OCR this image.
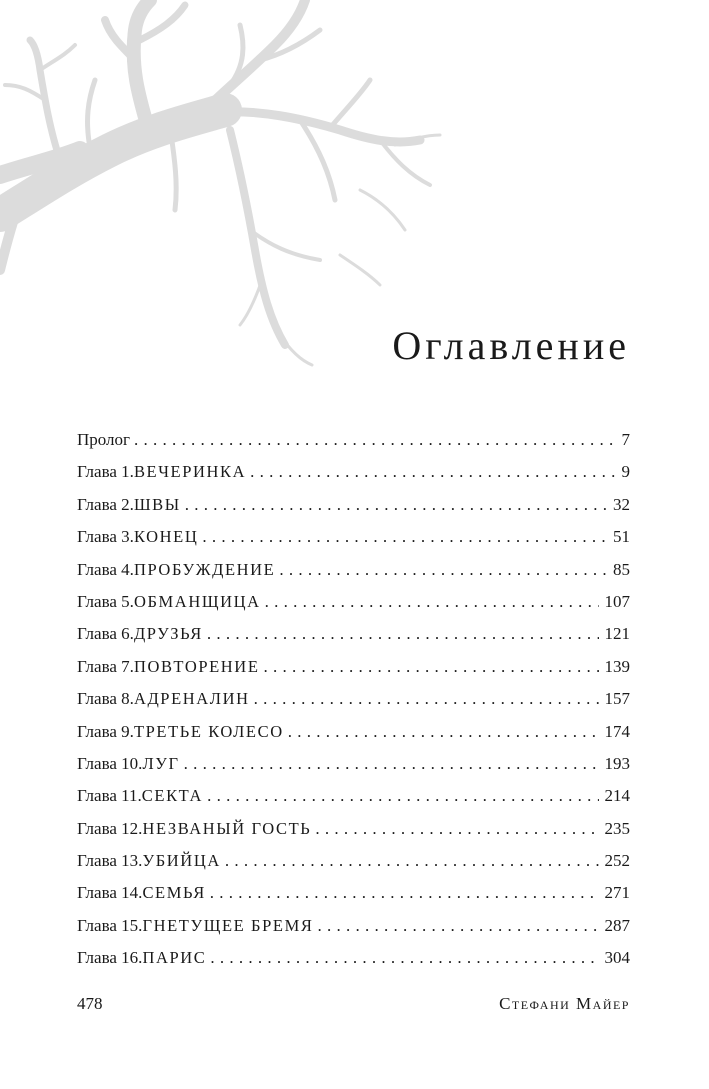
Оглавление
Пролог . . .	7
Глава 1. ВЕЧЕРИНКА . . .	9
Глава 2. ШВЫ . . .	32
Глава 3. КОНЕЦ . . .	51
Глава 4. ПРОБУЖДЕНИЕ . . .	85
Глава 5. ОБМАНЩИЦА . . .	107
Глава 6. ДРУЗЬЯ . . .	121
Глава 7. ПОВТОРЕНИЕ . . .	139
Глава 8. АДРЕНАЛИН . . .	157
Глава 9. ТРЕТЬЕ КОЛЕСО . . .	174
Глава 10. ЛУГ . . .	193
Глава 11. СЕКТА . . .	214
Глава 12. НЕЗВАНЫЙ ГОСТЬ . . .	235
Глава 13. УБИЙЦА . . .	252
Глава 14. СЕМЬЯ . . .	271
Глава 15. ГНЕТУЩЕЕ БРЕМЯ . . .	287
Глава 16. ПАРИС . . .	304
478	Стефани Майер
